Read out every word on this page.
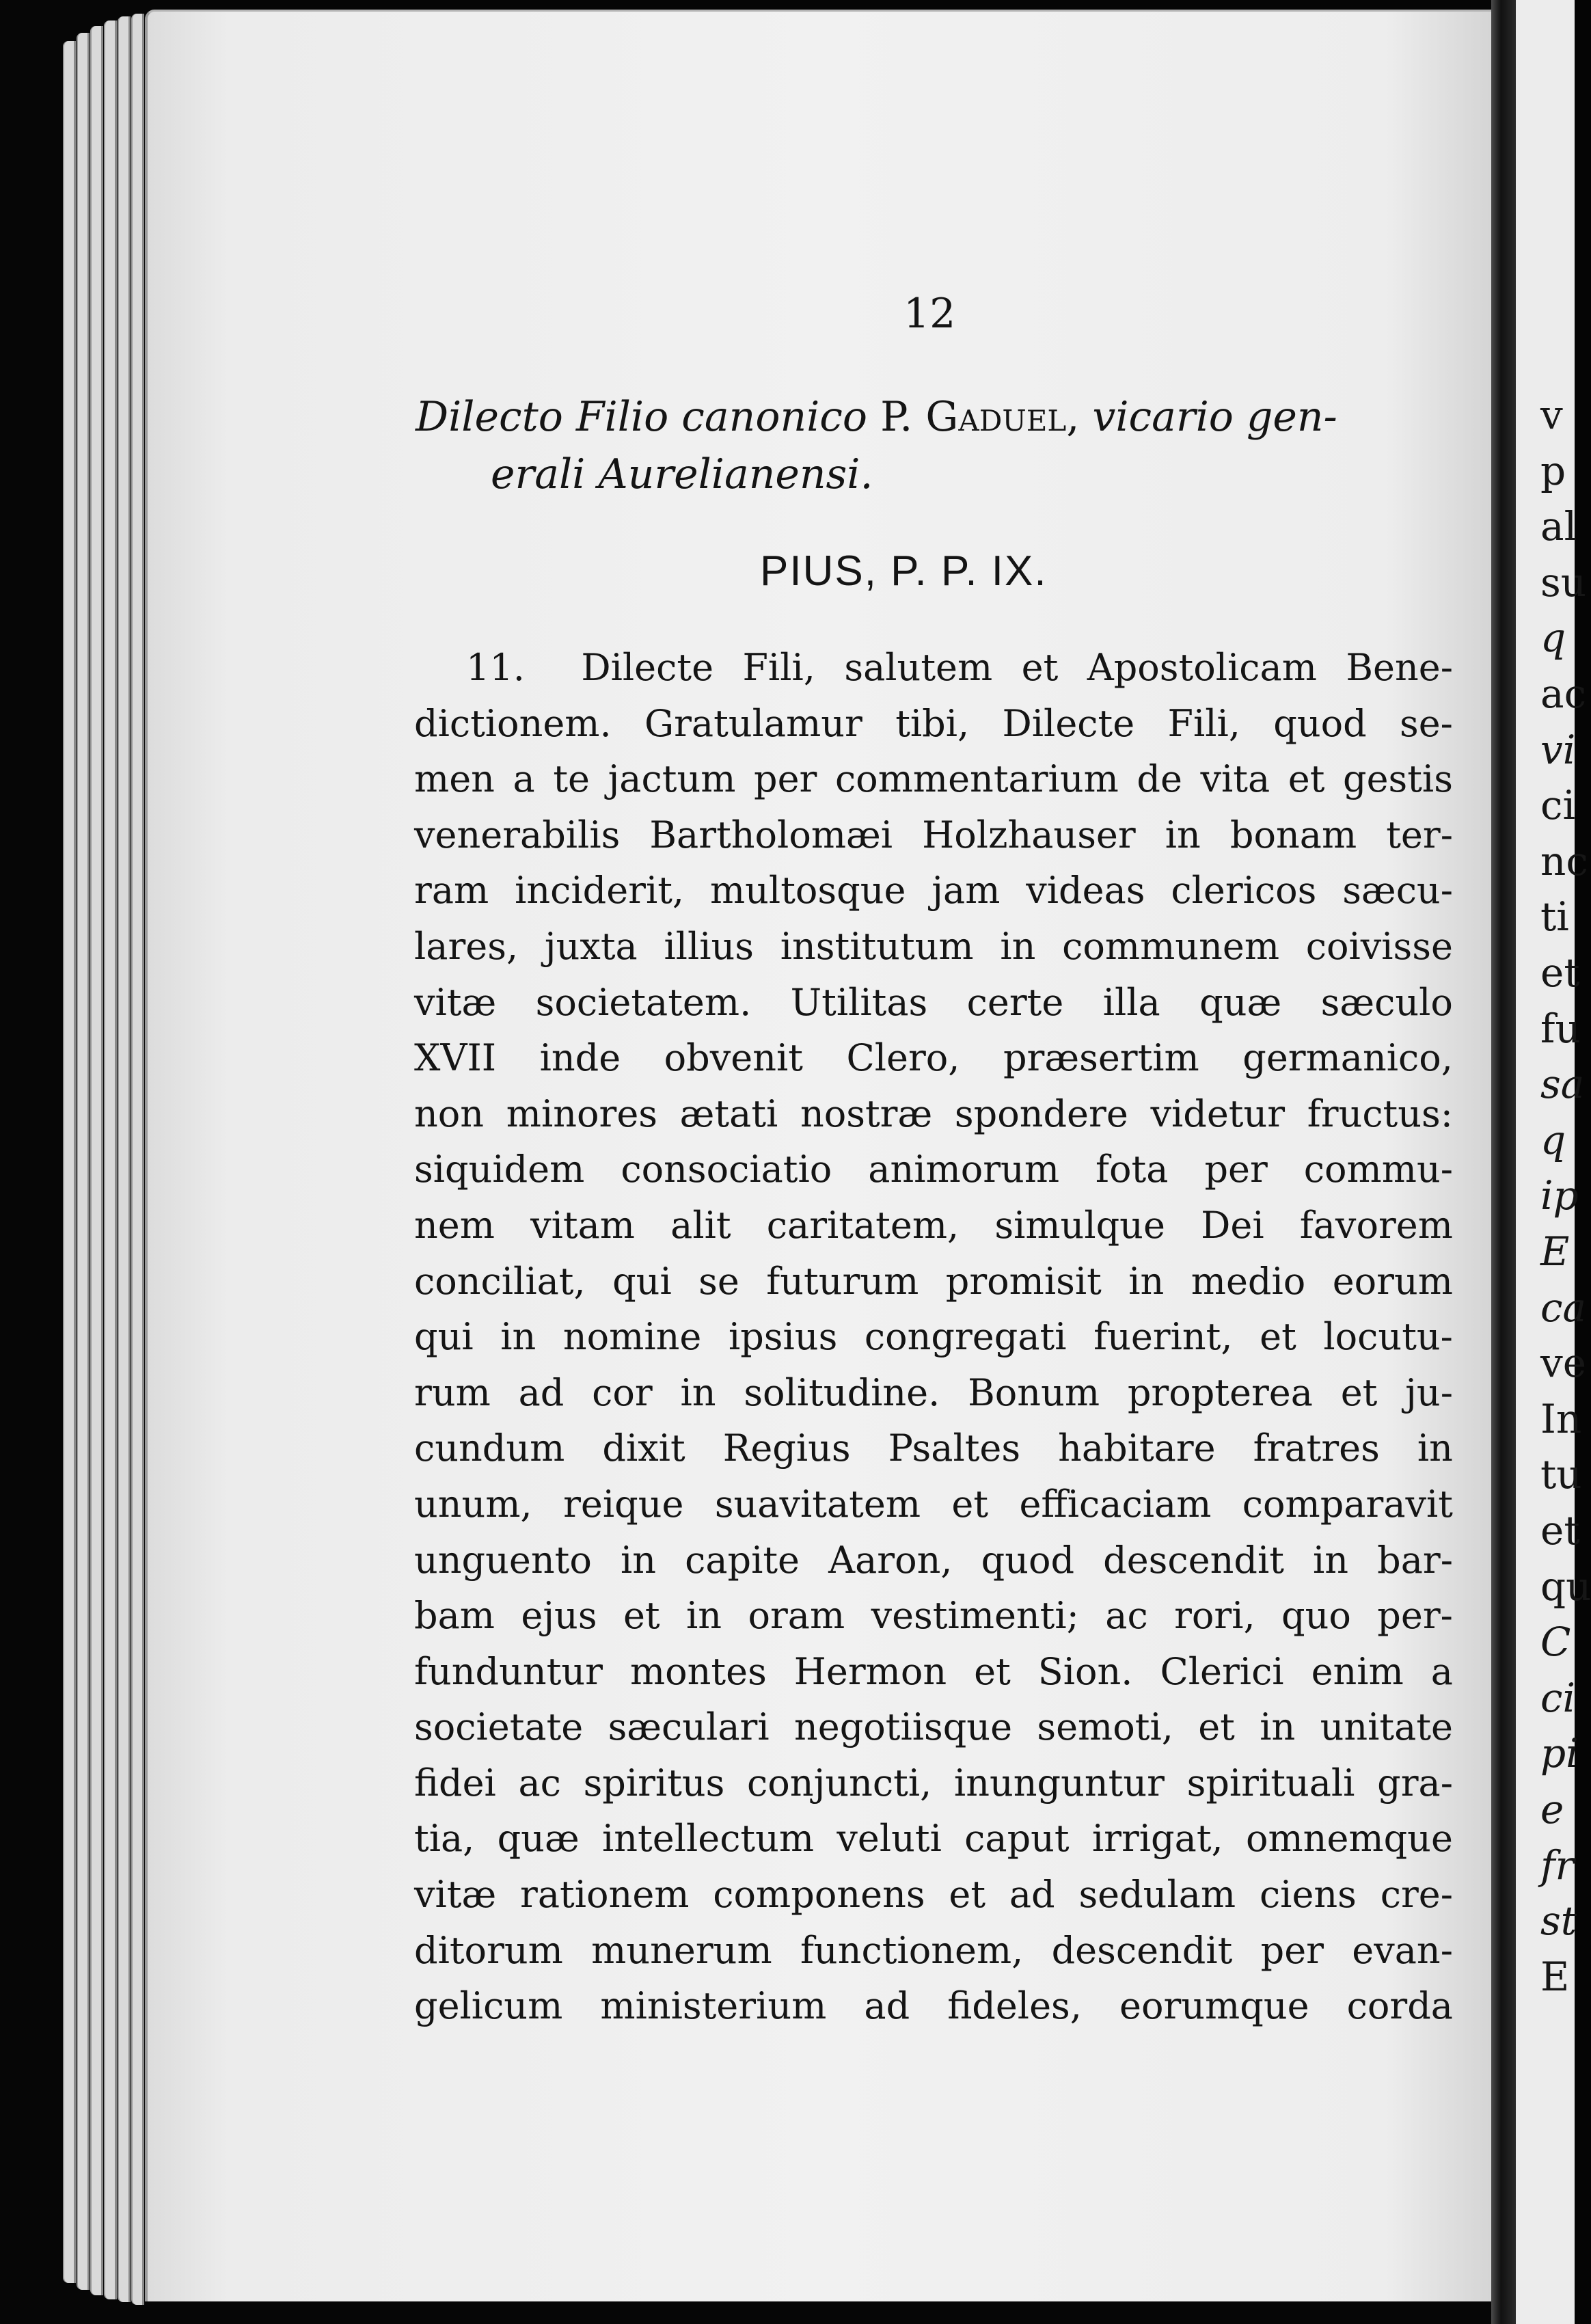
12
Dilecto Filio canonico P. Gaduel, vicario gen-
erali Aurelianensi.
PIUS, P. P. IX.
11. Dilecte Fili, salutem et Apostolicam Bene-
dictionem. Gratulamur tibi, Dilecte Fili, quod se-
men a te jactum per commentarium de vita et gestis
venerabilis Bartholomæi Holzhauser in bonam ter-
ram inciderit, multosque jam videas clericos sæcu-
lares, juxta illius institutum in communem coivisse
vitæ societatem. Utilitas certe illa quæ sæculo
XVII inde obvenit Clero, præsertim germanico,
non minores ætati nostræ spondere videtur fructus:
siquidem consociatio animorum fota per commu-
nem vitam alit caritatem, simulque Dei favorem
conciliat, qui se futurum promisit in medio eorum
qui in nomine ipsius congregati fuerint, et locutu-
rum ad cor in solitudine. Bonum propterea et ju-
cundum dixit Regius Psaltes habitare fratres in
unum, reique suavitatem et efficaciam comparavit
unguento in capite Aaron, quod descendit in bar-
bam ejus et in oram vestimenti; ac rori, quo per-
funduntur montes Hermon et Sion. Clerici enim a
societate sæculari negotiisque semoti, et in unitate
fidei ac spiritus conjuncti, inunguntur spirituali gra-
tia, quæ intellectum veluti caput irrigat, omnemque
vitæ rationem componens et ad sedulam ciens cre-
ditorum munerum functionem, descendit per evan-
gelicum ministerium ad fideles, eorumque corda
v
p
al
su
q
ac
vi
ci
nc
ti
et
fu
sa
q
ip
E
ca
ve
In
tu
et
qu
C
ci
pi
e
fr
st
E
